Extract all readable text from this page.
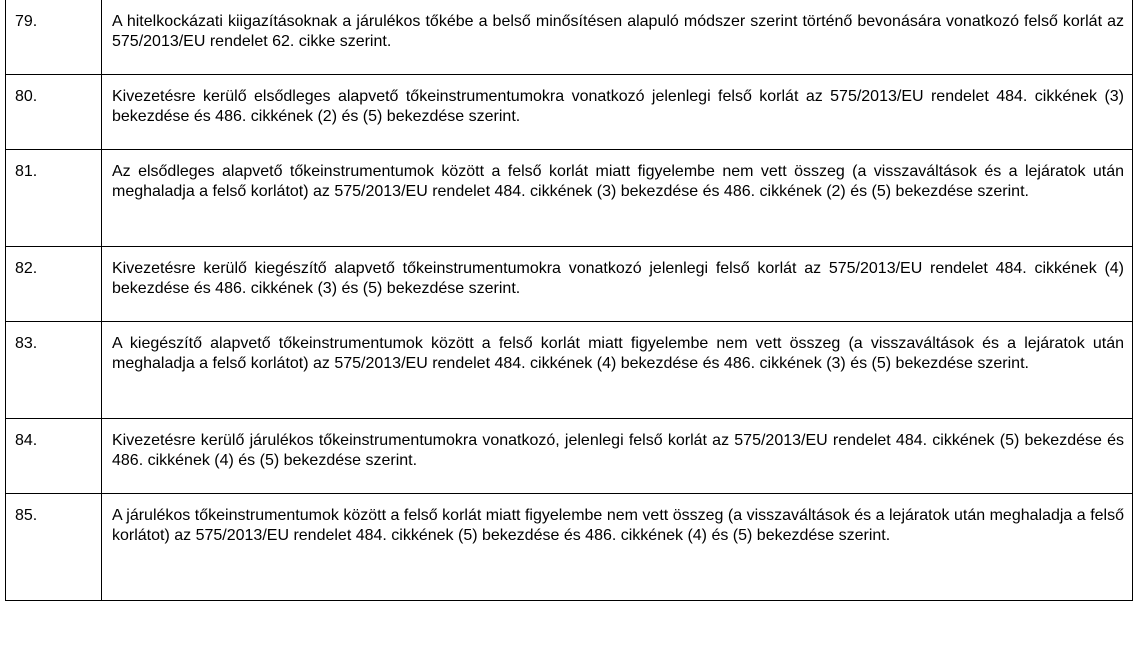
79.	A hitelkockázati kiigazításoknak a járulékos tőkébe a belső minősítésen alapuló módszer szerint történő bevonására vonatkozó felső korlát az 575/2013/EU rendelet 62. cikke szerint.
80.	Kivezetésre kerülő elsődleges alapvető tőkeinstrumentumokra vonatkozó jelenlegi felső korlát az 575/2013/EU rendelet 484. cikkének (3) bekezdése és 486. cikkének (2) és (5) bekezdése szerint.
81.	Az elsődleges alapvető tőkeinstrumentumok között a felső korlát miatt figyelembe nem vett összeg (a visszaváltások és a lejáratok után meghaladja a felső korlátot) az 575/2013/EU rendelet 484. cikkének (3) bekezdése és 486. cikkének (2) és (5) bekezdése szerint.
82.	Kivezetésre kerülő kiegészítő alapvető tőkeinstrumentumokra vonatkozó jelenlegi felső korlát az 575/2013/EU rendelet 484. cikkének (4) bekezdése és 486. cikkének (3) és (5) bekezdése szerint.
83.	A kiegészítő alapvető tőkeinstrumentumok között a felső korlát miatt figyelembe nem vett összeg (a visszaváltások és a lejáratok után meghaladja a felső korlátot) az 575/2013/EU rendelet 484. cikkének (4) bekezdése és 486. cikkének (3) és (5) bekezdése szerint.
84.	Kivezetésre kerülő járulékos tőkeinstrumentumokra vonatkozó, jelenlegi felső korlát az 575/2013/EU rendelet 484. cikkének (5) bekezdése és 486. cikkének (4) és (5) bekezdése szerint.
85.	A járulékos tőkeinstrumentumok között a felső korlát miatt figyelembe nem vett összeg (a visszaváltások és a lejáratok után meghaladja a felső korlátot) az 575/2013/EU rendelet 484. cikkének (5) bekezdése és 486. cikkének (4) és (5) bekezdése szerint.
